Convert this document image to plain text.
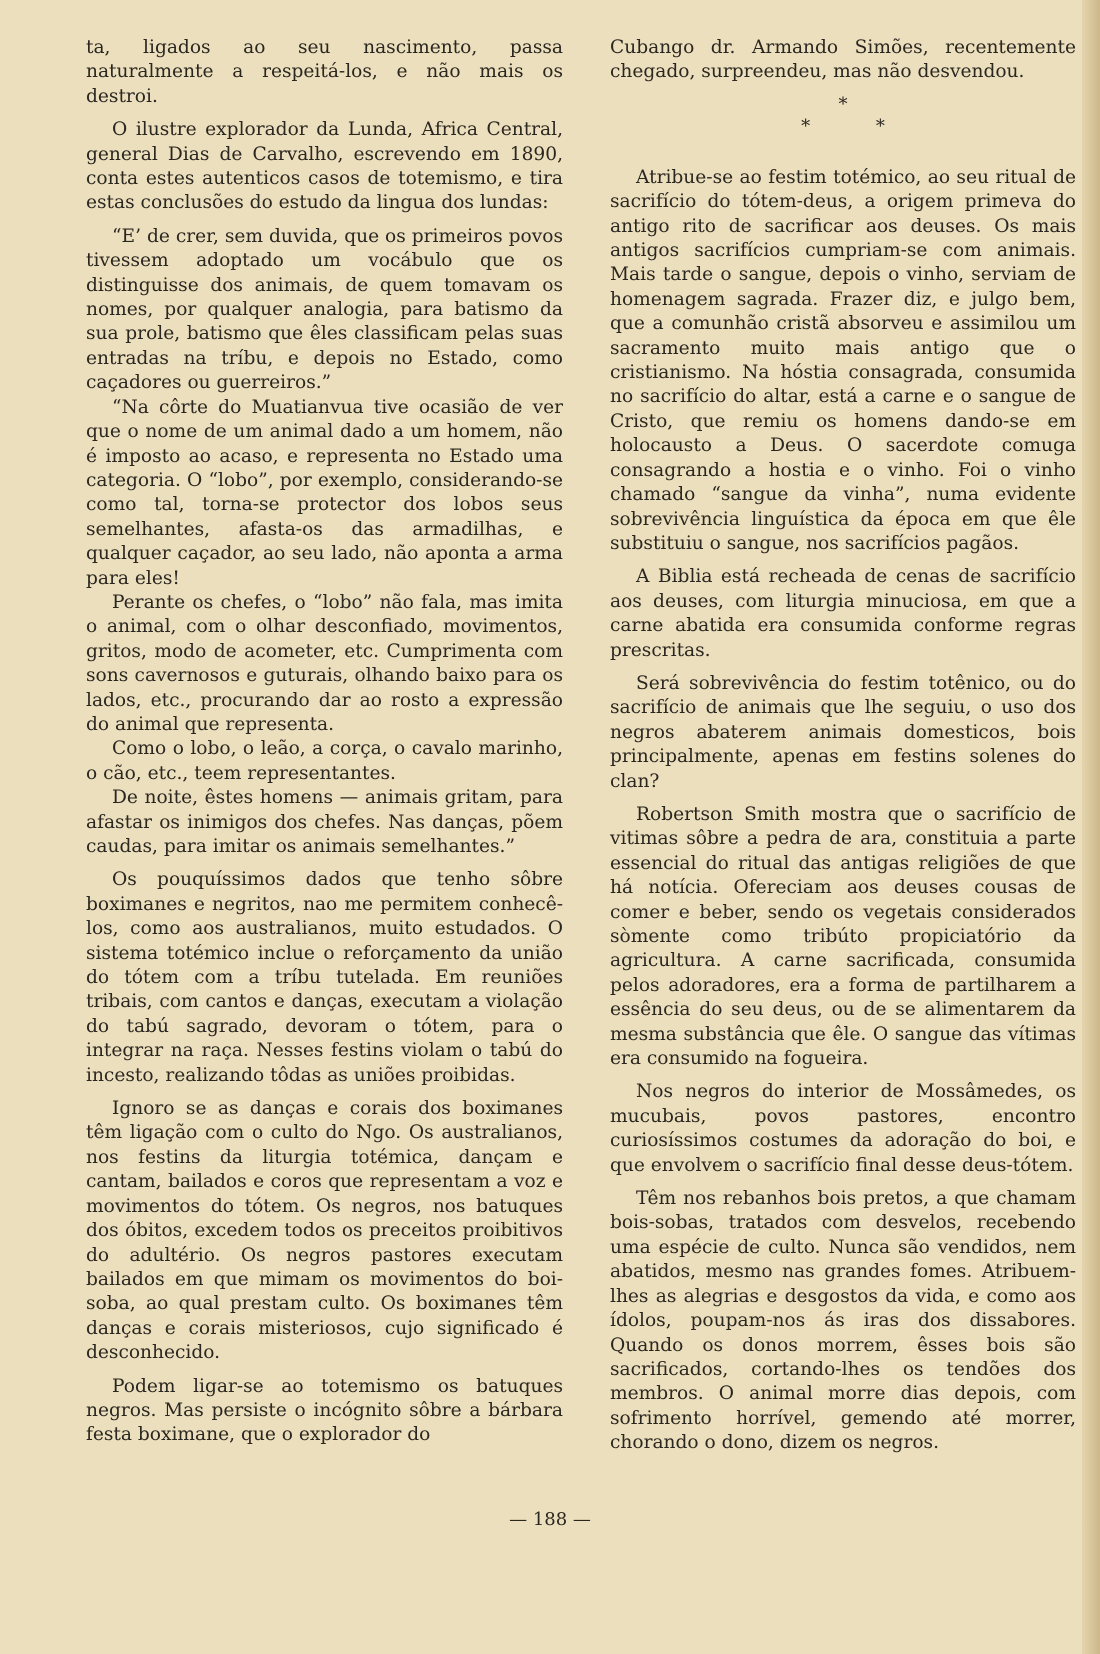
ta, ligados ao seu nascimento, passa naturalmente a respeitá-los, e não mais os destroi.

O ilustre explorador da Lunda, Africa Central, general Dias de Carvalho, escrevendo em 1890, conta estes autenticos casos de totemismo, e tira estas conclusões do estudo da lingua dos lundas:

“E’ de crer, sem duvida, que os primeiros povos tivessem adoptado um vocábulo que os distinguisse dos animais, de quem tomavam os nomes, por qualquer analogia, para batismo da sua prole, batismo que êles classificam pelas suas entradas na tríbu, e depois no Estado, como caçadores ou guerreiros.”

“Na côrte do Muatianvua tive ocasião de ver que o nome de um animal dado a um homem, não é imposto ao acaso, e representa no Estado uma categoria. O “lobo”, por exemplo, considerando-se como tal, torna-se protector dos lobos seus semelhantes, afasta-os das armadilhas, e qualquer caçador, ao seu lado, não aponta a arma para eles!

Perante os chefes, o “lobo” não fala, mas imita o animal, com o olhar desconfiado, movimentos, gritos, modo de acometer, etc. Cumprimenta com sons cavernosos e guturais, olhando baixo para os lados, etc., procurando dar ao rosto a expressão do animal que representa.

Como o lobo, o leão, a corça, o cavalo marinho, o cão, etc., teem representantes.

De noite, êstes homens — animais gritam, para afastar os inimigos dos chefes. Nas danças, põem caudas, para imitar os animais semelhantes.”

Os pouquíssimos dados que tenho sôbre boximanes e negritos, nao me permitem conhecê-los, como aos australianos, muito estudados. O sistema totémico inclue o reforçamento da união do tótem com a tríbu tutelada. Em reuniões tribais, com cantos e danças, executam a violação do tabú sagrado, devoram o tótem, para o integrar na raça. Nesses festins violam o tabú do incesto, realizando tôdas as uniões proibidas.

Ignoro se as danças e corais dos boximanes têm ligação com o culto do Ngo. Os australianos, nos festins da liturgia totémica, dançam e cantam, bailados e coros que representam a voz e movimentos do tótem. Os negros, nos batuques dos óbitos, excedem todos os preceitos proibitivos do adultério. Os negros pastores executam bailados em que mimam os movimentos do boi-soba, ao qual prestam culto. Os boximanes têm danças e corais misteriosos, cujo significado é desconhecido.

Podem ligar-se ao totemismo os batuques negros. Mas persiste o incógnito sôbre a bárbara festa boximane, que o explorador do

Cubango dr. Armando Simões, recentemente chegado, surpreendeu, mas não desvendou.

*
* *

Atribue-se ao festim totémico, ao seu ritual de sacrifício do tótem-deus, a origem primeva do antigo rito de sacrificar aos deuses. Os mais antigos sacrifícios cumpriam-se com animais. Mais tarde o sangue, depois o vinho, serviam de homenagem sagrada. Frazer diz, e julgo bem, que a comunhão cristã absorveu e assimilou um sacramento muito mais antigo que o cristianismo. Na hóstia consagrada, consumida no sacrifício do altar, está a carne e o sangue de Cristo, que remiu os homens dando-se em holocausto a Deus. O sacerdote comuga consagrando a hostia e o vinho. Foi o vinho chamado “sangue da vinha”, numa evidente sobrevivência linguística da época em que êle substituiu o sangue, nos sacrifícios pagãos.

A Biblia está recheada de cenas de sacrifício aos deuses, com liturgia minuciosa, em que a carne abatida era consumida conforme regras prescritas.

Será sobrevivência do festim totênico, ou do sacrifício de animais que lhe seguiu, o uso dos negros abaterem animais domesticos, bois principalmente, apenas em festins solenes do clan?

Robertson Smith mostra que o sacrifício de vitimas sôbre a pedra de ara, constituia a parte essencial do ritual das antigas religiões de que há notícia. Ofereciam aos deuses cousas de comer e beber, sendo os vegetais considerados sòmente como tribúto propiciatório da agricultura. A carne sacrificada, consumida pelos adoradores, era a forma de partilharem a essência do seu deus, ou de se alimentarem da mesma substância que êle. O sangue das vítimas era consumido na fogueira.

Nos negros do interior de Mossâmedes, os mucubais, povos pastores, encontro curiosíssimos costumes da adoração do boi, e que envolvem o sacrifício final desse deus-tótem.

Têm nos rebanhos bois pretos, a que chamam bois-sobas, tratados com desvelos, recebendo uma espécie de culto. Nunca são vendidos, nem abatidos, mesmo nas grandes fomes. Atribuem-lhes as alegrias e desgostos da vida, e como aos ídolos, poupam-nos ás iras dos dissabores. Quando os donos morrem, êsses bois são sacrificados, cortando-lhes os tendões dos membros. O animal morre dias depois, com sofrimento horrível, gemendo até morrer, chorando o dono, dizem os negros.

— 188 —
